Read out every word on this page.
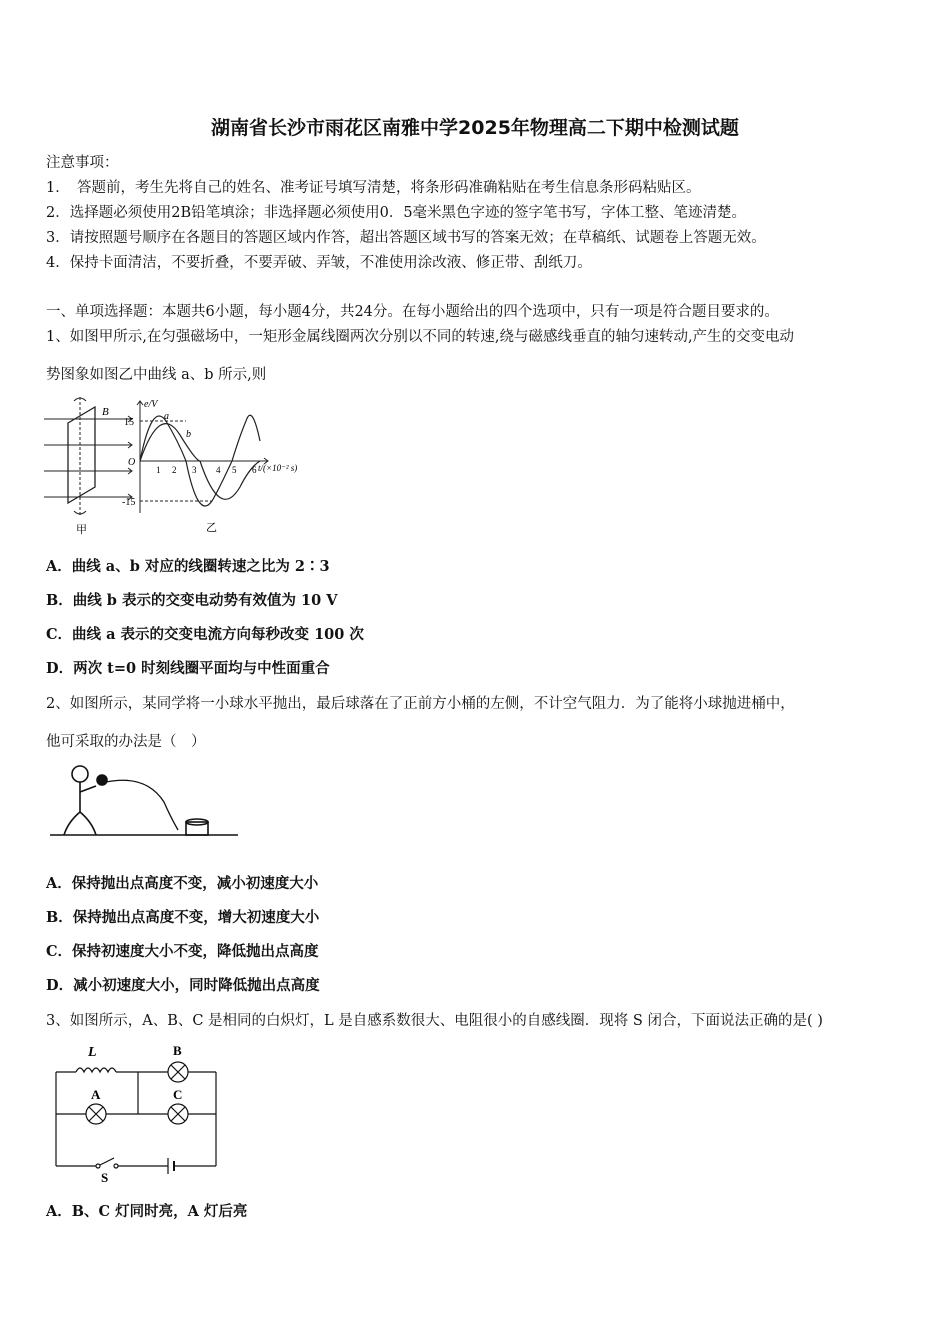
湖南省长沙市雨花区南雅中学2025年物理高二下期中检测试题
注意事项：
1．　答题前，考生先将自己的姓名、准考证号填写清楚，将条形码准确粘贴在考生信息条形码粘贴区。
2．选择题必须使用2B铅笔填涂；非选择题必须使用0．5毫米黑色字迹的签字笔书写，字体工整、笔迹清楚。
3．请按照题号顺序在各题目的答题区域内作答，超出答题区域书写的答案无效；在草稿纸、试题卷上答题无效。
4．保持卡面清洁，不要折叠，不要弄破、弄皱，不准使用涂改液、修正带、刮纸刀。
一、单项选择题：本题共6小题，每小题4分，共24分。在每小题给出的四个选项中，只有一项是符合题目要求的。
1、如图甲所示,在匀强磁场中，一矩形金属线圈两次分别以不同的转速,绕与磁感线垂直的轴匀速转动,产生的交变电动
势图象如图乙中曲线 a、b 所示,则
B
甲
e/V
15
-15
O
a
b
1 2 3 4 5 6 t/(×10⁻² s)
乙
A．曲线 a、b 对应的线圈转速之比为 2∶3
B．曲线 b 表示的交变电动势有效值为 10 V
C．曲线 a 表示的交变电流方向每秒改变 100 次
D．两次 t=0 时刻线圈平面均与中性面重合
2、如图所示，某同学将一小球水平抛出，最后球落在了正前方小桶的左侧，不计空气阻力．为了能将小球抛进桶中，
他可采取的办法是（　）
A．保持抛出点高度不变，减小初速度大小
B．保持抛出点高度不变，增大初速度大小
C．保持初速度大小不变，降低抛出点高度
D．减小初速度大小，同时降低抛出点高度
3、如图所示，A、B、C 是相同的白炽灯，L 是自感系数很大、电阻很小的自感线圈．现将 S 闭合，下面说法正确的是( )
L	B
A	C
S
A．B、C 灯同时亮，A 灯后亮
